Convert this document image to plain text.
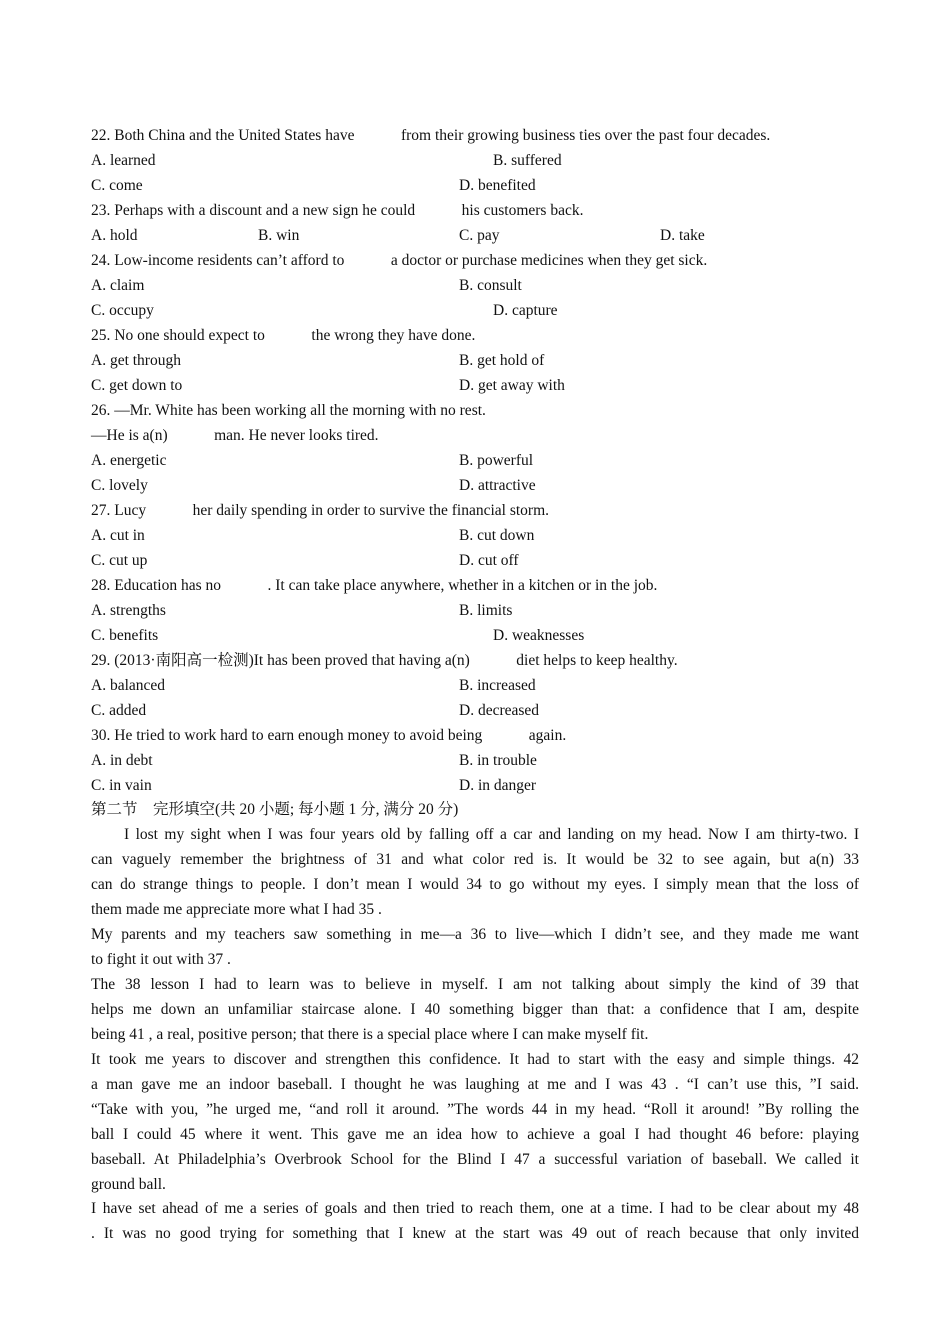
22. Both China and the United States have            from their growing business ties over the past four decades.
A. learned	B. suffered
C. come	D. benefited
23. Perhaps with a discount and a new sign he could            his customers back.
A. hold	B. win	C. pay	D. take
24. Low-income residents can’t afford to            a doctor or purchase medicines when they get sick.
A. claim	B. consult
C. occupy	D. capture
25. No one should expect to            the wrong they have done.
A. get through	B. get hold of
C. get down to	D. get away with
26. —Mr. White has been working all the morning with no rest.
—He is a(n)            man. He never looks tired.
A. energetic	B. powerful
C. lovely	D. attractive
27. Lucy            her daily spending in order to survive the financial storm.
A. cut in	B. cut down
C. cut up	D. cut off
28. Education has no            . It can take place anywhere, whether in a kitchen or in the job.
A. strengths	B. limits
C. benefits	D. weaknesses
29. (2013·南阳高一检测)It has been proved that having a(n)            diet helps to keep healthy.
A. balanced	B. increased
C. added	D. decreased
30. He tried to work hard to earn enough money to avoid being            again.
A. in debt	B. in trouble
C. in vain	D. in danger
第二节　完形填空(共 20 小题; 每小题 1 分, 满分 20 分)
I lost my sight when I was four years old by falling off a car and landing on my head. Now I am thirty-two. I
can vaguely remember the brightness of 31 and what color red is. It would be 32 to see again, but a(n) 33
can do strange things to people. I don’t mean I would 34 to go without my eyes. I simply mean that the loss of
them made me appreciate more what I had 35 .
My parents and my teachers saw something in me—a 36 to live—which I didn’t see, and they made me want
to fight it out with 37 .
The 38 lesson I had to learn was to believe in myself. I am not talking about simply the kind of 39 that
helps me down an unfamiliar staircase alone. I 40 something bigger than that: a confidence that I am, despite
being 41 , a real, positive person; that there is a special place where I can make myself fit.
It took me years to discover and strengthen this confidence. It had to start with the easy and simple things. 42
a man gave me an indoor baseball. I thought he was laughing at me and I was 43 . “I can’t use this, ”I said.
“Take with you, ”he urged me, “and roll it around. ”The words 44 in my head. “Roll it around! ”By rolling the
ball I could 45 where it went. This gave me an idea how to achieve a goal I had thought 46 before: playing
baseball. At Philadelphia’s Overbrook School for the Blind I 47 a successful variation of baseball. We called it
ground ball.
I have set ahead of me a series of goals and then tried to reach them, one at a time. I had to be clear about my 48
. It was no good trying for something that I knew at the start was 49 out of reach because that only invited
